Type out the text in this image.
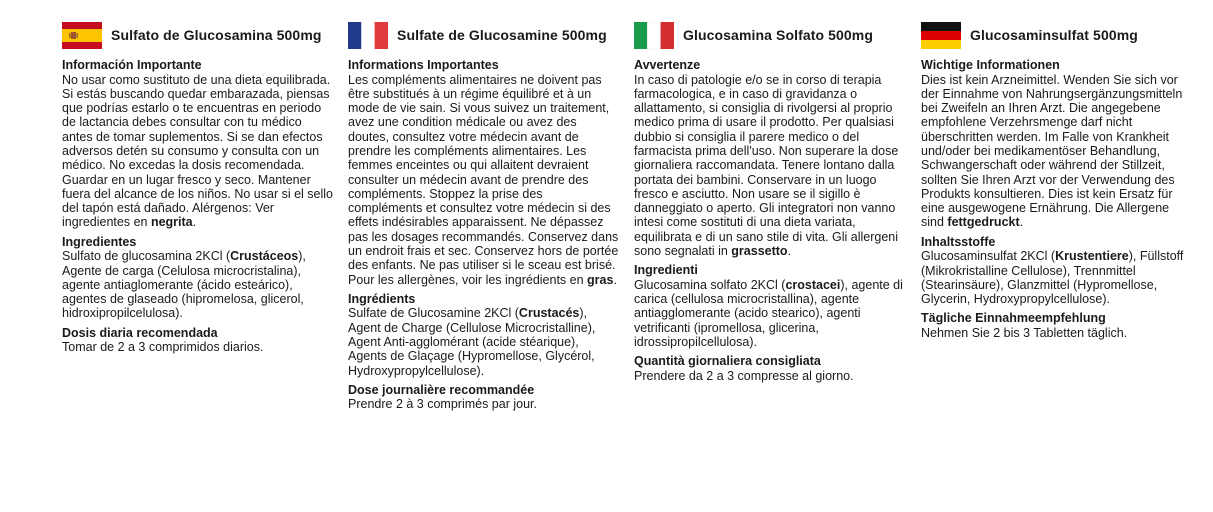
Sulfato de Glucosamina 500mg
Información Importante
No usar como sustituto de una dieta equilibrada. Si estás buscando quedar embarazada, piensas que podrías estarlo o te encuentras en periodo de lactancia debes consultar con tu médico antes de tomar suplementos. Si se dan efectos adversos detén su consumo y consulta con un médico. No excedas la dosis recomendada. Guardar en un lugar fresco y seco. Mantener fuera del alcance de los niños. No usar si el sello del tapón está dañado. Alérgenos: Ver ingredientes en negrita.
Ingredientes
Sulfato de glucosamina 2KCl (Crustáceos), Agente de carga (Celulosa microcristalina), agente antiaglomerante (ácido esteárico), agentes de glaseado (hipromelosa, glicerol, hidroxipropilcelulosa).
Dosis diaria recomendada
Tomar de 2 a 3 comprimidos diarios.
Sulfate de Glucosamine 500mg
Informations Importantes
Les compléments alimentaires ne doivent pas être substitués à un régime équilibré et à un mode de vie sain. Si vous suivez un traitement, avez une condition médicale ou avez des doutes, consultez votre médecin avant de prendre les compléments alimentaires. Les femmes enceintes ou qui allaitent devraient consulter un médecin avant de prendre des compléments. Stoppez la prise des compléments et consultez votre médecin si des effets indésirables apparaissent. Ne dépassez pas les dosages recommandés. Conservez dans un endroit frais et sec. Conservez hors de portée des enfants. Ne pas utiliser si le sceau est brisé. Pour les allergènes, voir les ingrédients en gras.
Ingrédients
Sulfate de Glucosamine 2KCl (Crustacés), Agent de Charge (Cellulose Microcristalline), Agent Anti-agglomérant (acide stéarique), Agents de Glaçage (Hypromellose, Glycérol, Hydroxypropylcellulose).
Dose journalière recommandée
Prendre 2 à 3 comprimés par jour.
Glucosamina Solfato 500mg
Avvertenze
In caso di patologie e/o se in corso di terapia farmacologica, e in caso di gravidanza o allattamento, si consiglia di rivolgersi al proprio medico prima di usare il prodotto. Per qualsiasi dubbio si consiglia il parere medico o del farmacista prima dell'uso. Non superare la dose giornaliera raccomandata. Tenere lontano dalla portata dei bambini. Conservare in un luogo fresco e asciutto. Non usare se il sigillo è danneggiato o aperto. Gli integratori non vanno intesi come sostituti di una dieta variata, equilibrata e di un sano stile di vita. Gli allergeni sono segnalati in grassetto.
Ingredienti
Glucosamina solfato 2KCl (crostacei), agente di carica (cellulosa microcristallina), agente antiagglomerante (acido stearico), agenti vetrificanti (ipromellosa, glicerina, idrossipropilcellulosa).
Quantità giornaliera consigliata
Prendere da 2 a 3 compresse al giorno.
Glucosaminsulfat 500mg
Wichtige Informationen
Dies ist kein Arzneimittel. Wenden Sie sich vor der Einnahme von Nahrungsergänzungsmitteln bei Zweifeln an Ihren Arzt. Die angegebene empfohlene Verzehrsmenge darf nicht überschritten werden. Im Falle von Krankheit und/oder bei medikamentöser Behandlung, Schwangerschaft oder während der Stillzeit, sollten Sie Ihren Arzt vor der Verwendung des Produkts konsultieren. Dies ist kein Ersatz für eine ausgewogene Ernährung. Die Allergene sind fettgedruckt.
Inhaltsstoffe
Glucosaminsulfat 2KCl (Krustentiere), Füllstoff (Mikrokristalline Cellulose), Trennmittel (Stearinsäure), Glanzmittel (Hypromellose, Glycerin, Hydroxypropylcellulose).
Tägliche Einnahmeempfehlung
Nehmen Sie 2 bis 3 Tabletten täglich.
